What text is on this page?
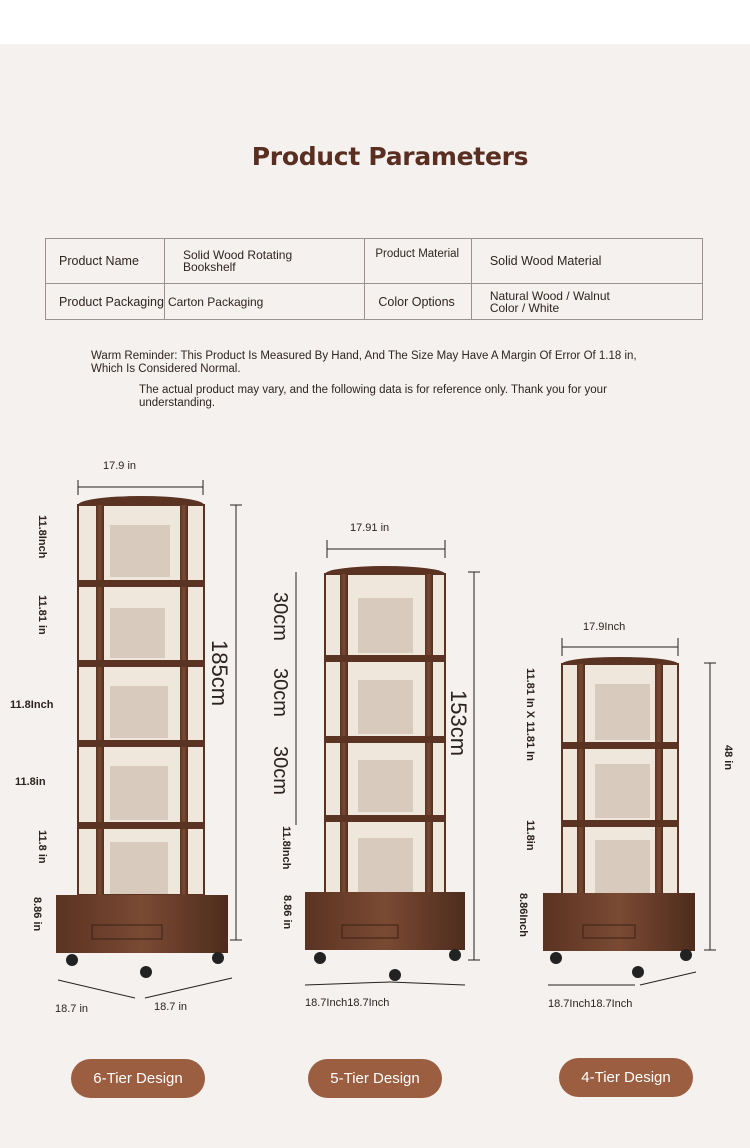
Product Parameters
Product Name	Solid Wood Rotating Bookshelf	Product Material	Solid Wood Material
Product Packaging	Carton Packaging	Color Options	Natural Wood / Walnut Color / White
Warm Reminder: This Product Is Measured By Hand, And The Size May Have A Margin Of Error Of 1.18 in, Which Is Considered Normal.
The actual product may vary, and the following data is for reference only. Thank you for your understanding.
17.9 in
185cm
11.8Inch
11.81 in
11.8Inch
11.8in
11.8 in
8.86 in
18.7 in	18.7 in
17.91 in
153cm
30cm
30cm
30cm
11.8Inch
8.86 in
18.7Inch18.7Inch
17.9Inch
48 in
11.81 In X 11.81 In
11.8in
8.86Inch
18.7Inch18.7Inch
6-Tier Design	5-Tier Design	4-Tier Design
